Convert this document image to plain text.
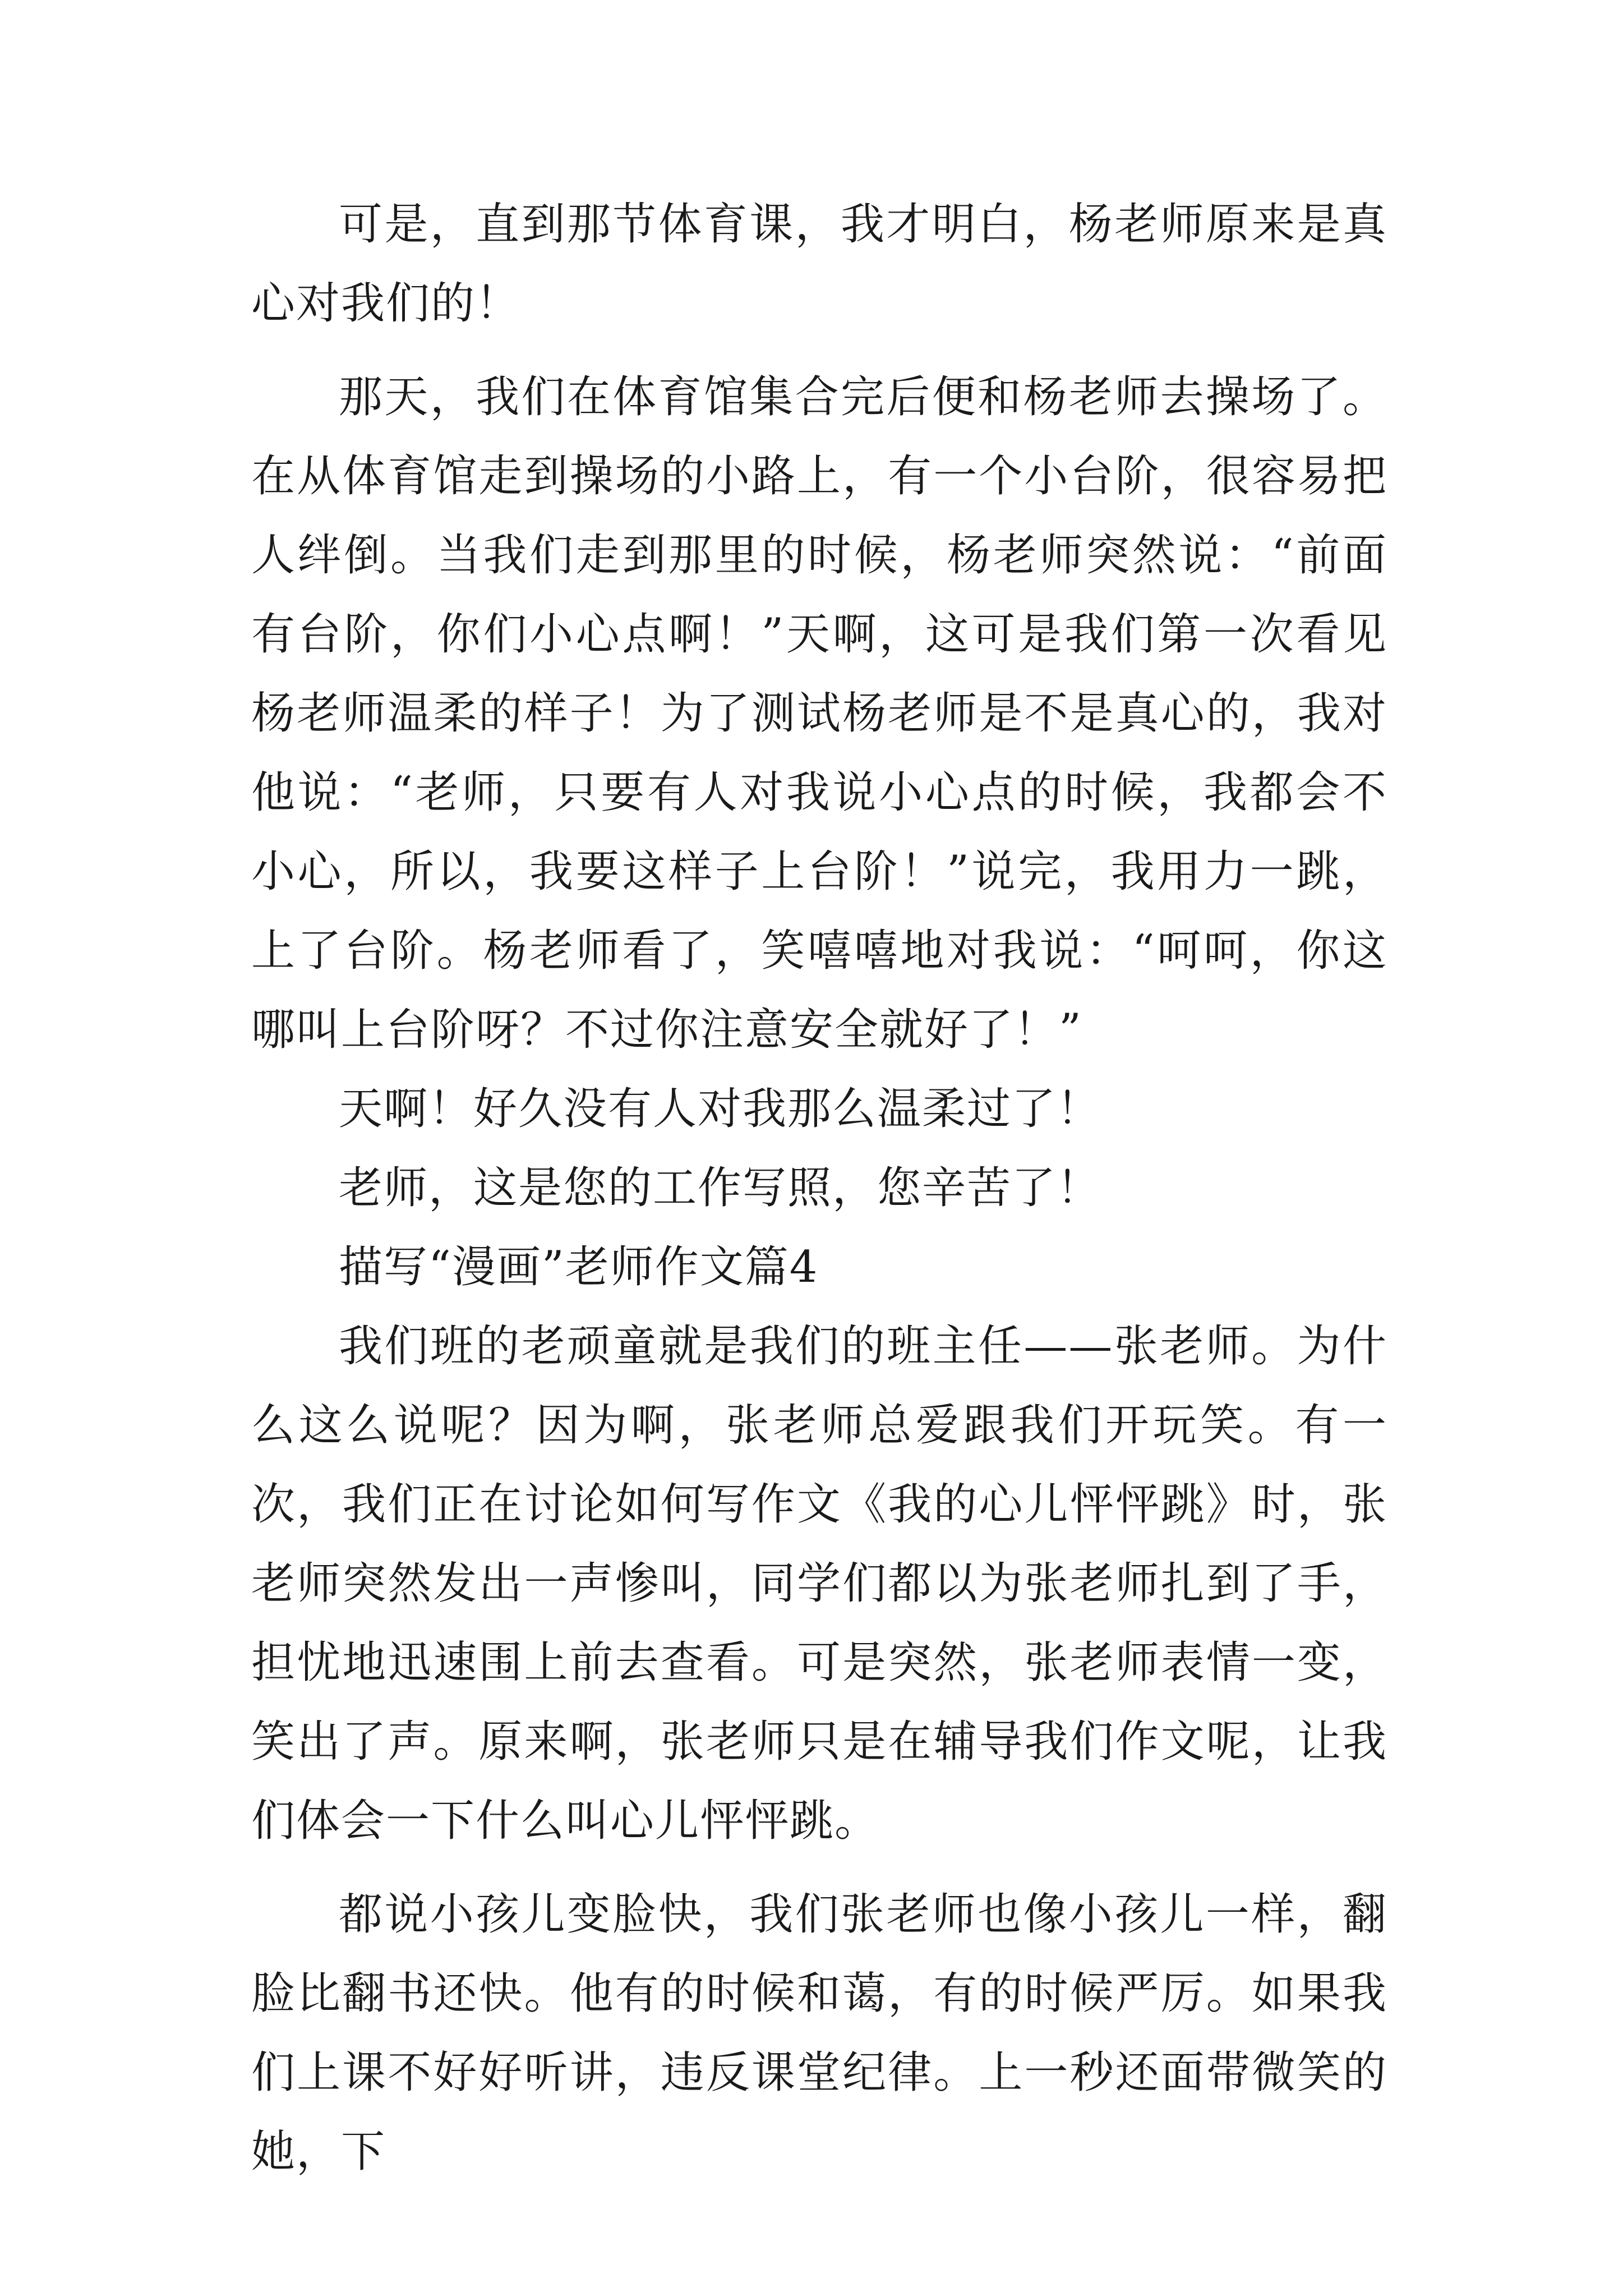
可是，直到那节体育课，我才明白，杨老师原来是真心对我们的！

那天，我们在体育馆集合完后便和杨老师去操场了。在从体育馆走到操场的小路上，有一个小台阶，很容易把人绊倒。当我们走到那里的时候，杨老师突然说：“前面有台阶，你们小心点啊！”天啊，这可是我们第一次看见杨老师温柔的样子！为了测试杨老师是不是真心的，我对他说：“老师，只要有人对我说小心点的时候，我都会不小心，所以，我要这样子上台阶！”说完，我用力一跳，上了台阶。杨老师看了，笑嘻嘻地对我说：“呵呵，你这哪叫上台阶呀？不过你注意安全就好了！”

天啊！好久没有人对我那么温柔过了！

老师，这是您的工作写照，您辛苦了！

描写“漫画”老师作文篇4

我们班的老顽童就是我们的班主任——张老师。为什么这么说呢？因为啊，张老师总爱跟我们开玩笑。有一次，我们正在讨论如何写作文《我的心儿怦怦跳》时，张老师突然发出一声惨叫，同学们都以为张老师扎到了手，担忧地迅速围上前去查看。可是突然，张老师表情一变，笑出了声。原来啊，张老师只是在辅导我们作文呢，让我们体会一下什么叫心儿怦怦跳。

都说小孩儿变脸快，我们张老师也像小孩儿一样，翻脸比翻书还快。他有的时候和蔼，有的时候严厉。如果我们上课不好好听讲，违反课堂纪律。上一秒还面带微笑的她，下
